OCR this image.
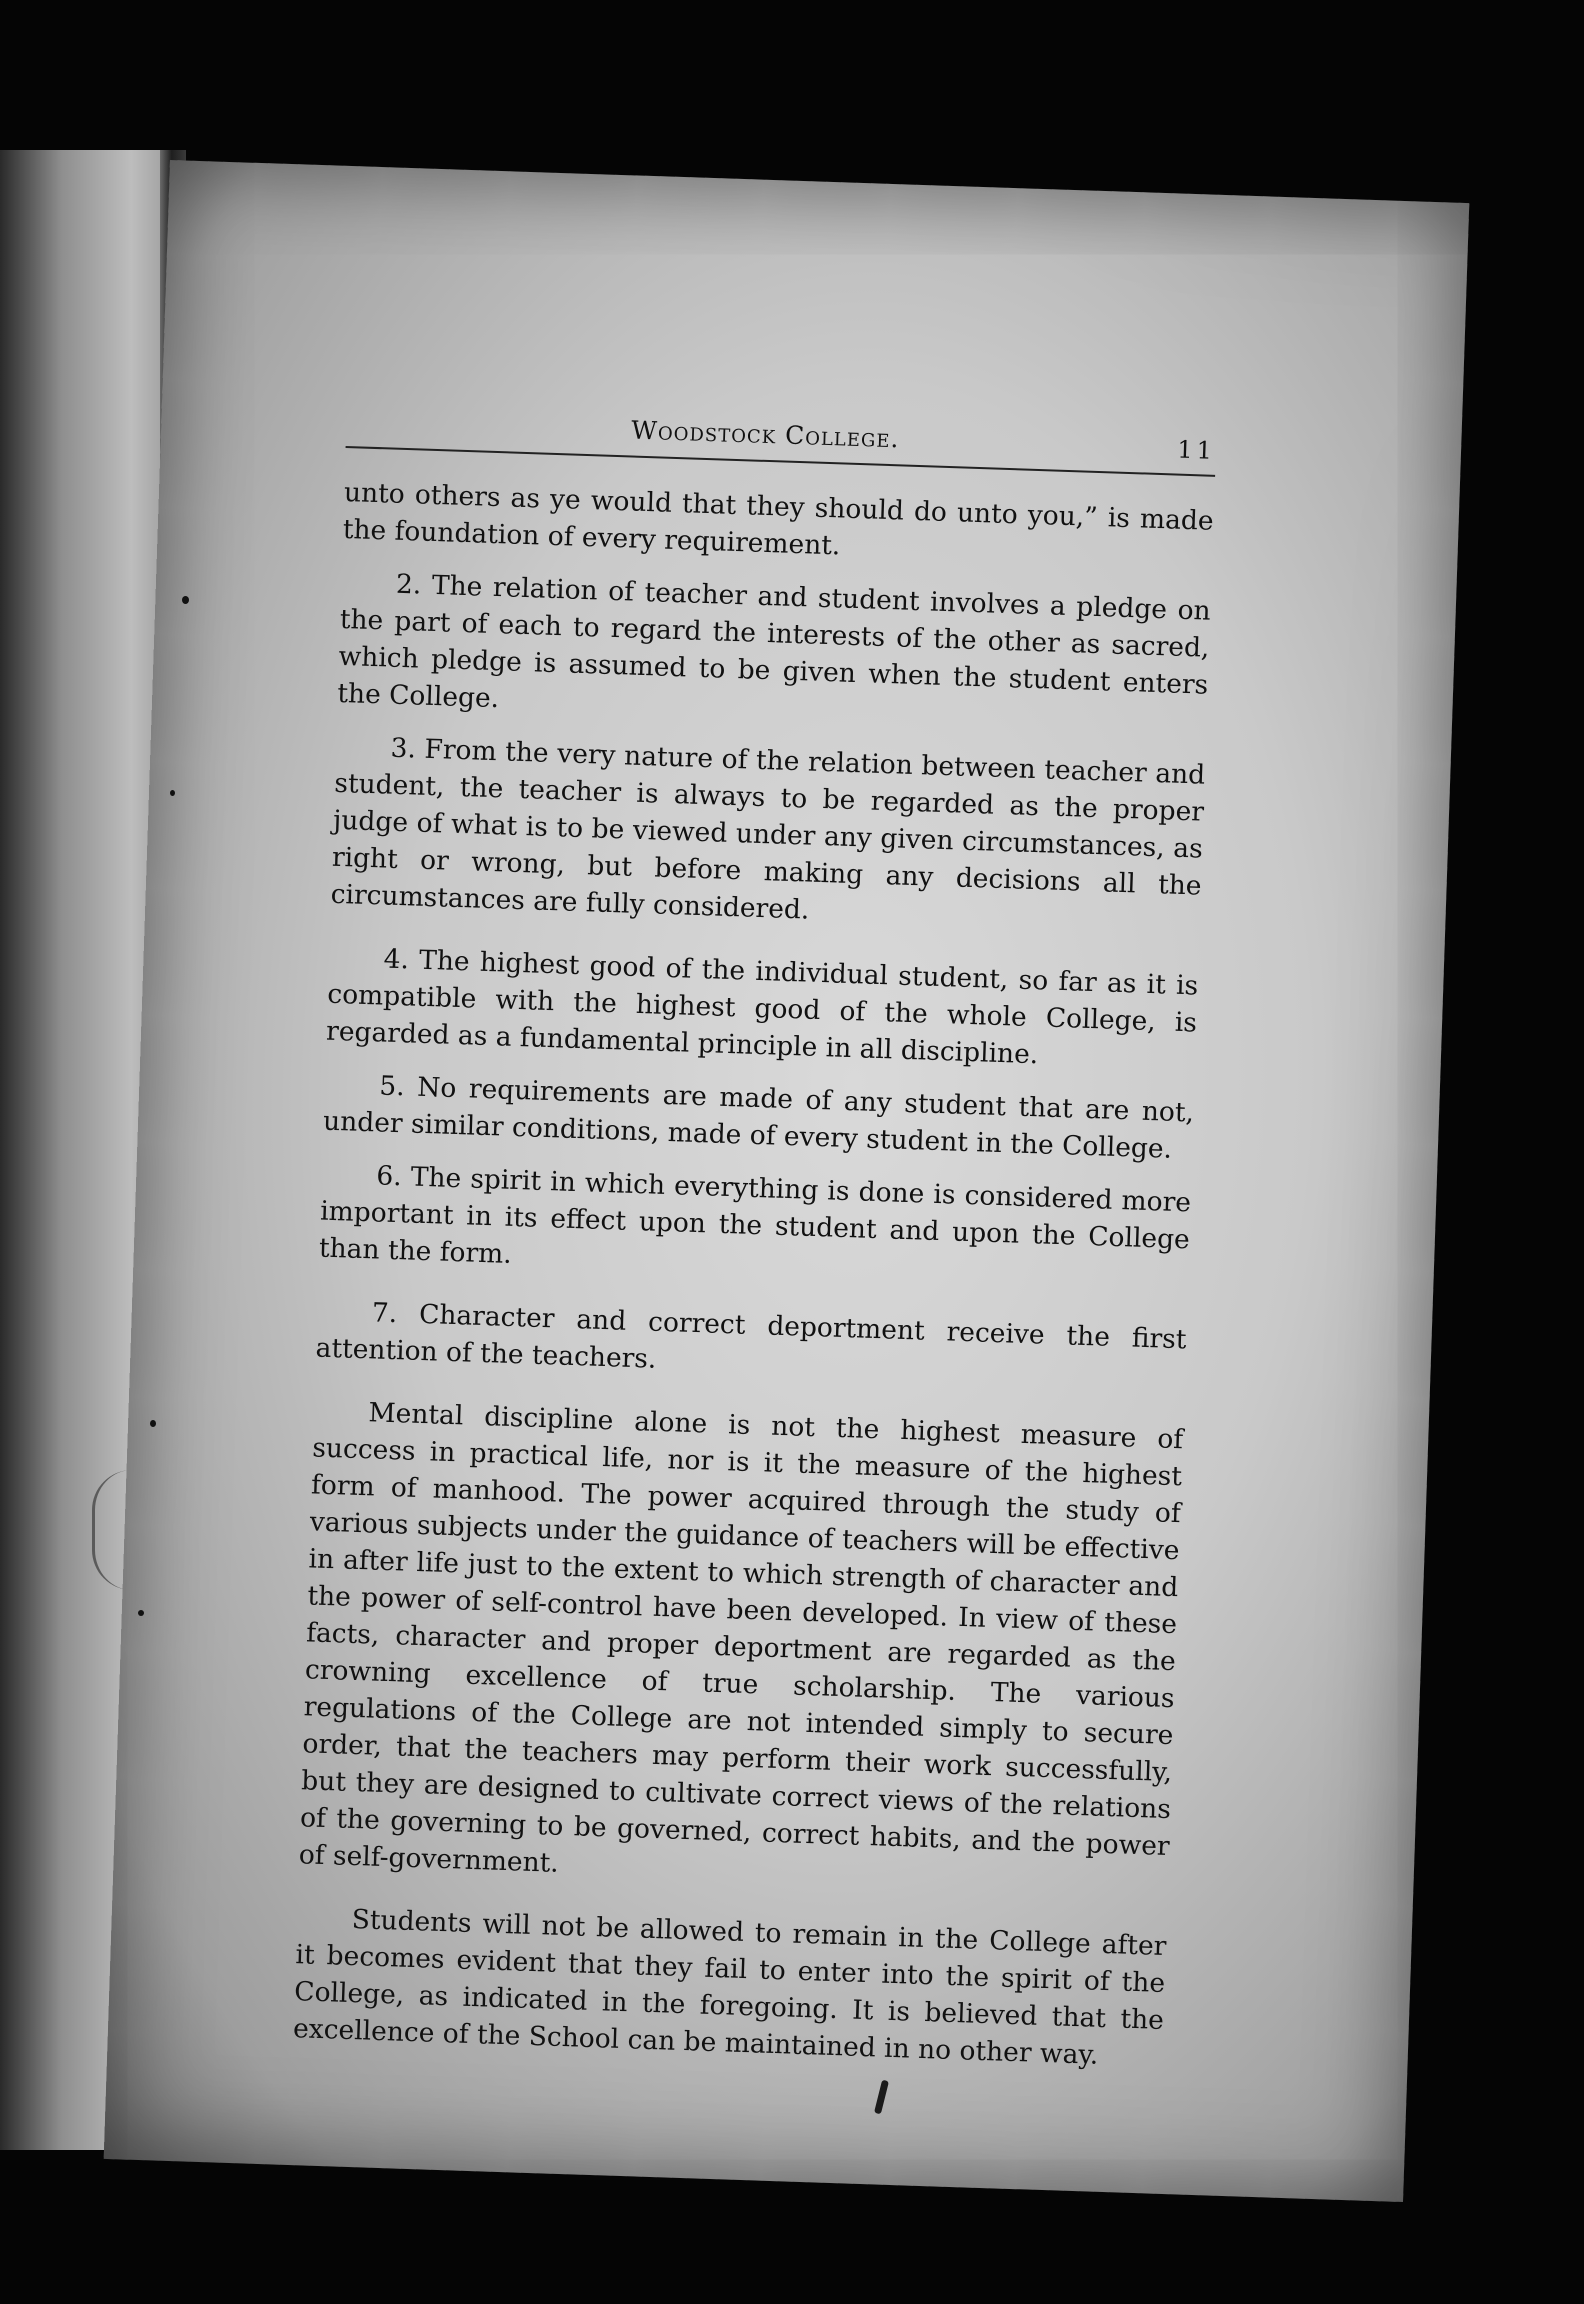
Woodstock College.	11

unto others as ye would that they should do unto you,” is made the foundation of every requirement.

2. The relation of teacher and student involves a pledge on the part of each to regard the interests of the other as sacred, which pledge is assumed to be given when the student enters the College.

3. From the very nature of the relation between teacher and student, the teacher is always to be regarded as the proper judge of what is to be viewed under any given circumstances, as right or wrong, but before making any decisions all the circumstances are fully considered.

4. The highest good of the individual student, so far as it is compatible with the highest good of the whole College, is regarded as a fundamental principle in all discipline.

5. No requirements are made of any student that are not, under similar conditions, made of every student in the College.

6. The spirit in which everything is done is considered more important in its effect upon the student and upon the College than the form.

7. Character and correct deportment receive the first attention of the teachers.

Mental discipline alone is not the highest measure of success in practical life, nor is it the measure of the highest form of manhood. The power acquired through the study of various subjects under the guidance of teachers will be effective in after life just to the extent to which strength of character and the power of self-control have been developed. In view of these facts, character and proper deportment are regarded as the crowning excellence of true scholarship. The various regulations of the College are not intended simply to secure order, that the teachers may perform their work successfully, but they are designed to cultivate correct views of the relations of the governing to be governed, correct habits, and the power of self-government.

Students will not be allowed to remain in the College after it becomes evident that they fail to enter into the spirit of the College, as indicated in the foregoing. It is believed that the excellence of the School can be maintained in no other way.
